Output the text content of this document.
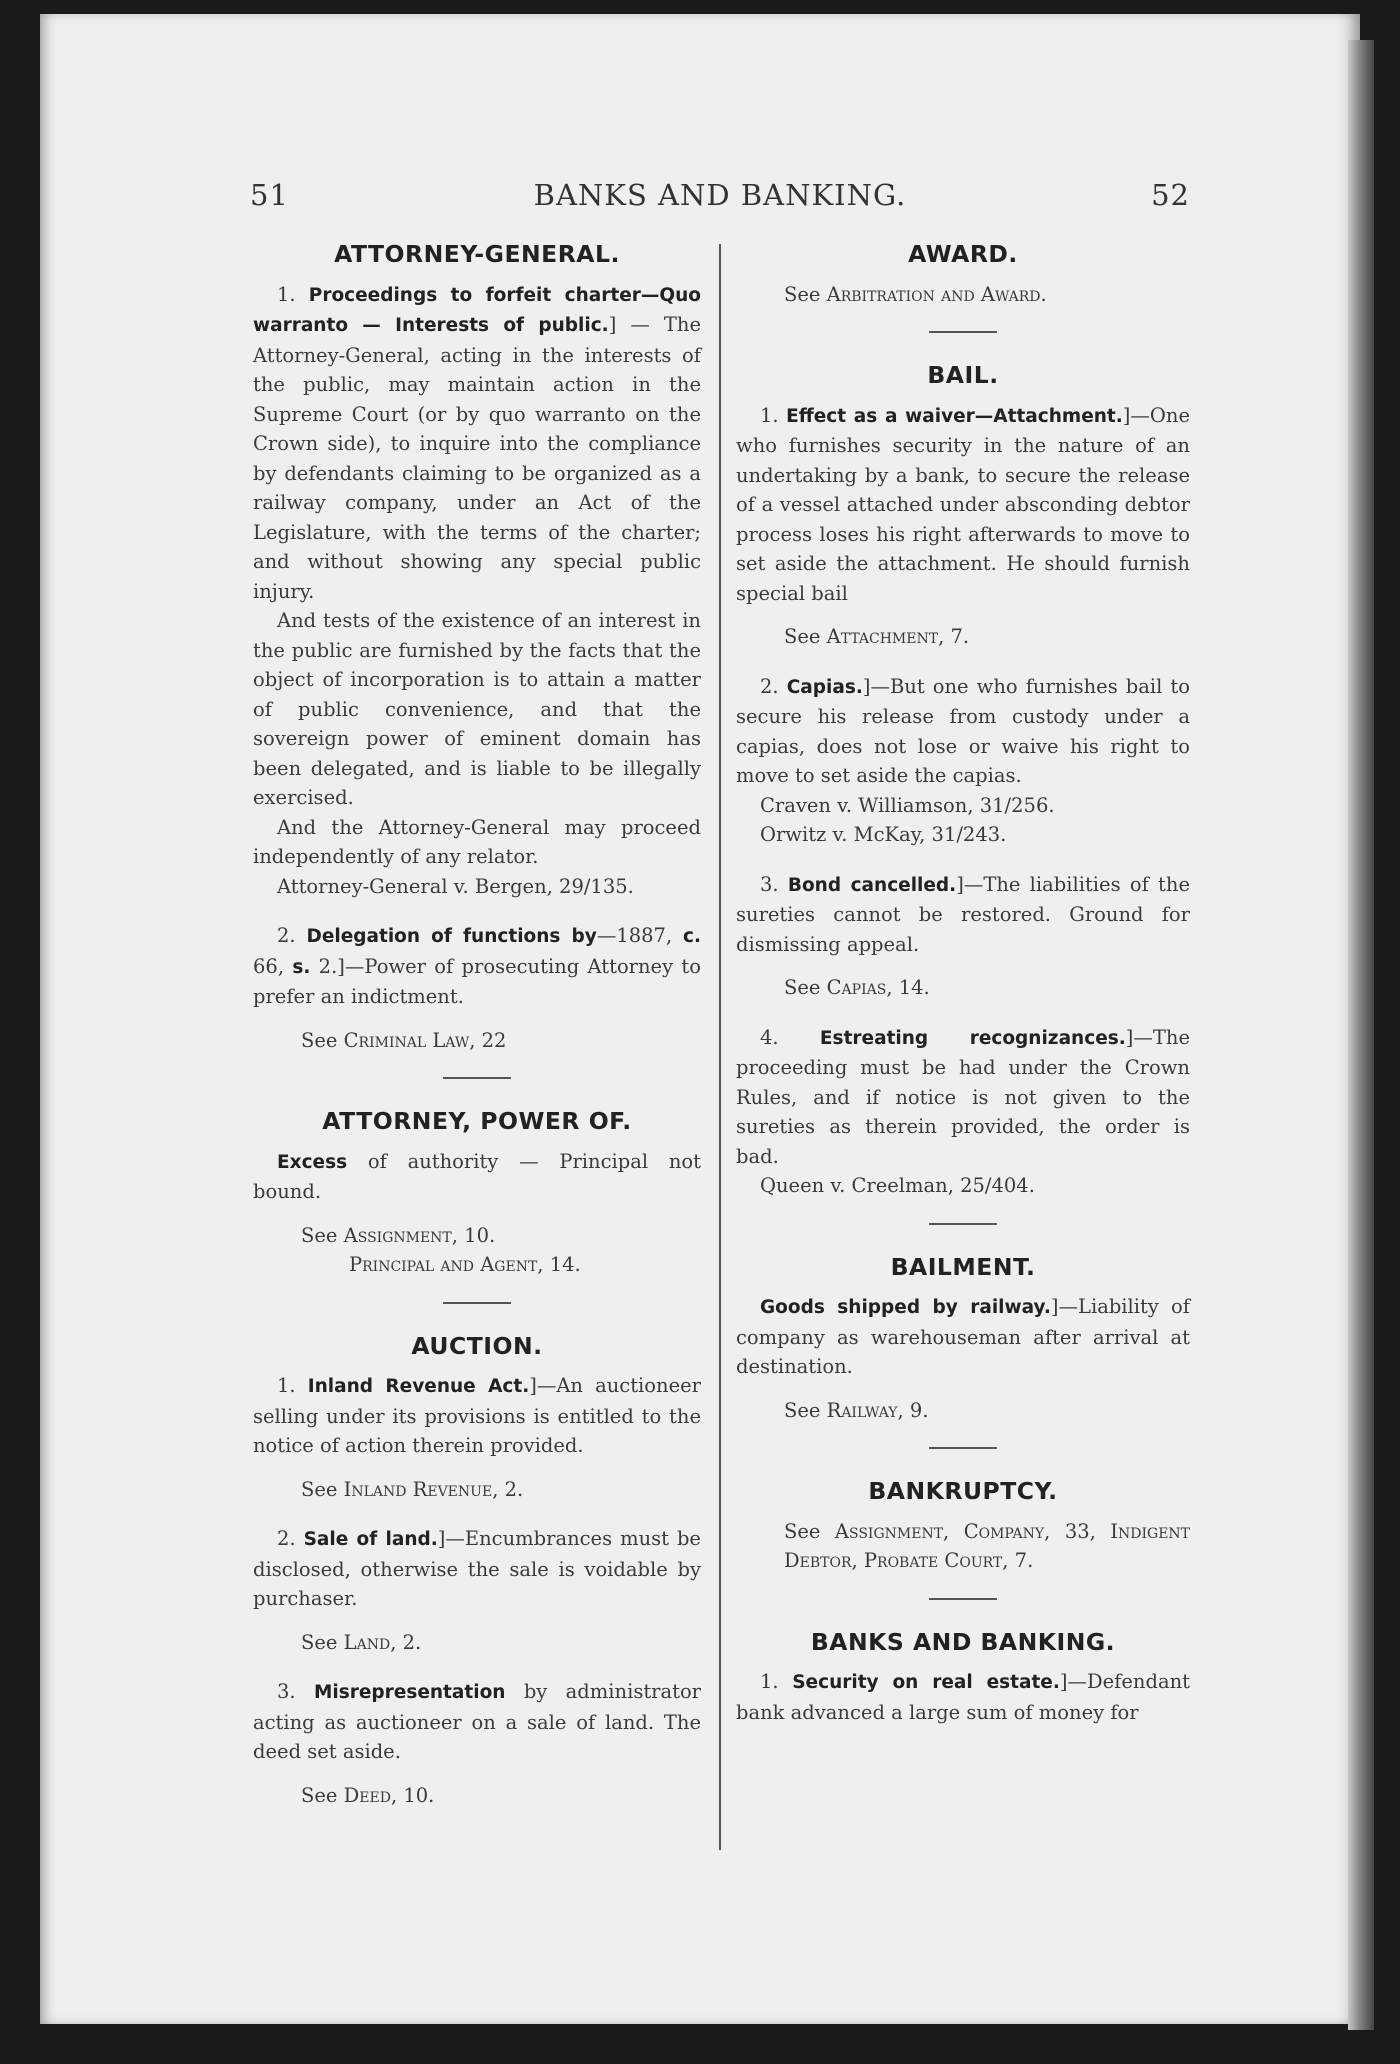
51	BANKS AND BANKING.	52
ATTORNEY-GENERAL.

1. Proceedings to forfeit charter—Quo warranto — Interests of public.] — The Attorney-General, acting in the interests of the public, may maintain action in the Supreme Court (or by quo warranto on the Crown side), to inquire into the compliance by defendants claiming to be organized as a railway company, under an Act of the Legislature, with the terms of the charter; and without showing any special public injury.

And tests of the existence of an interest in the public are furnished by the facts that the object of incorporation is to attain a matter of public convenience, and that the sovereign power of eminent domain has been delegated, and is liable to be illegally exercised.

And the Attorney-General may proceed independently of any relator.

Attorney-General v. Bergen, 29/135.

2. Delegation of functions by—1887, c. 66, s. 2.]—Power of prosecuting Attorney to prefer an indictment.

See Criminal Law, 22

ATTORNEY, POWER OF.

Excess of authority — Principal not bound.

See Assignment, 10.

Principal and Agent, 14.

AUCTION.

1. Inland Revenue Act.]—An auctioneer selling under its provisions is entitled to the notice of action therein provided.

See Inland Revenue, 2.

2. Sale of land.]—Encumbrances must be disclosed, otherwise the sale is voidable by purchaser.

See Land, 2.

3. Misrepresentation by administrator acting as auctioneer on a sale of land. The deed set aside.

See Deed, 10.

AWARD.

See Arbitration and Award.

BAIL.

1. Effect as a waiver—Attachment.]—One who furnishes security in the nature of an undertaking by a bank, to secure the release of a vessel attached under absconding debtor process loses his right afterwards to move to set aside the attachment. He should furnish special bail

See Attachment, 7.

2. Capias.]—But one who furnishes bail to secure his release from custody under a capias, does not lose or waive his right to move to set aside the capias.

Craven v. Williamson, 31/256.

Orwitz v. McKay, 31/243.

3. Bond cancelled.]—The liabilities of the sureties cannot be restored. Ground for dismissing appeal.

See Capias, 14.

4. Estreating recognizances.]—The proceeding must be had under the Crown Rules, and if notice is not given to the sureties as therein provided, the order is bad.

Queen v. Creelman, 25/404.

BAILMENT.

Goods shipped by railway.]—Liability of company as warehouseman after arrival at destination.

See Railway, 9.

BANKRUPTCY.

See Assignment, Company, 33, Indigent Debtor, Probate Court, 7.

BANKS AND BANKING.

1. Security on real estate.]—Defendant bank advanced a large sum of money for
